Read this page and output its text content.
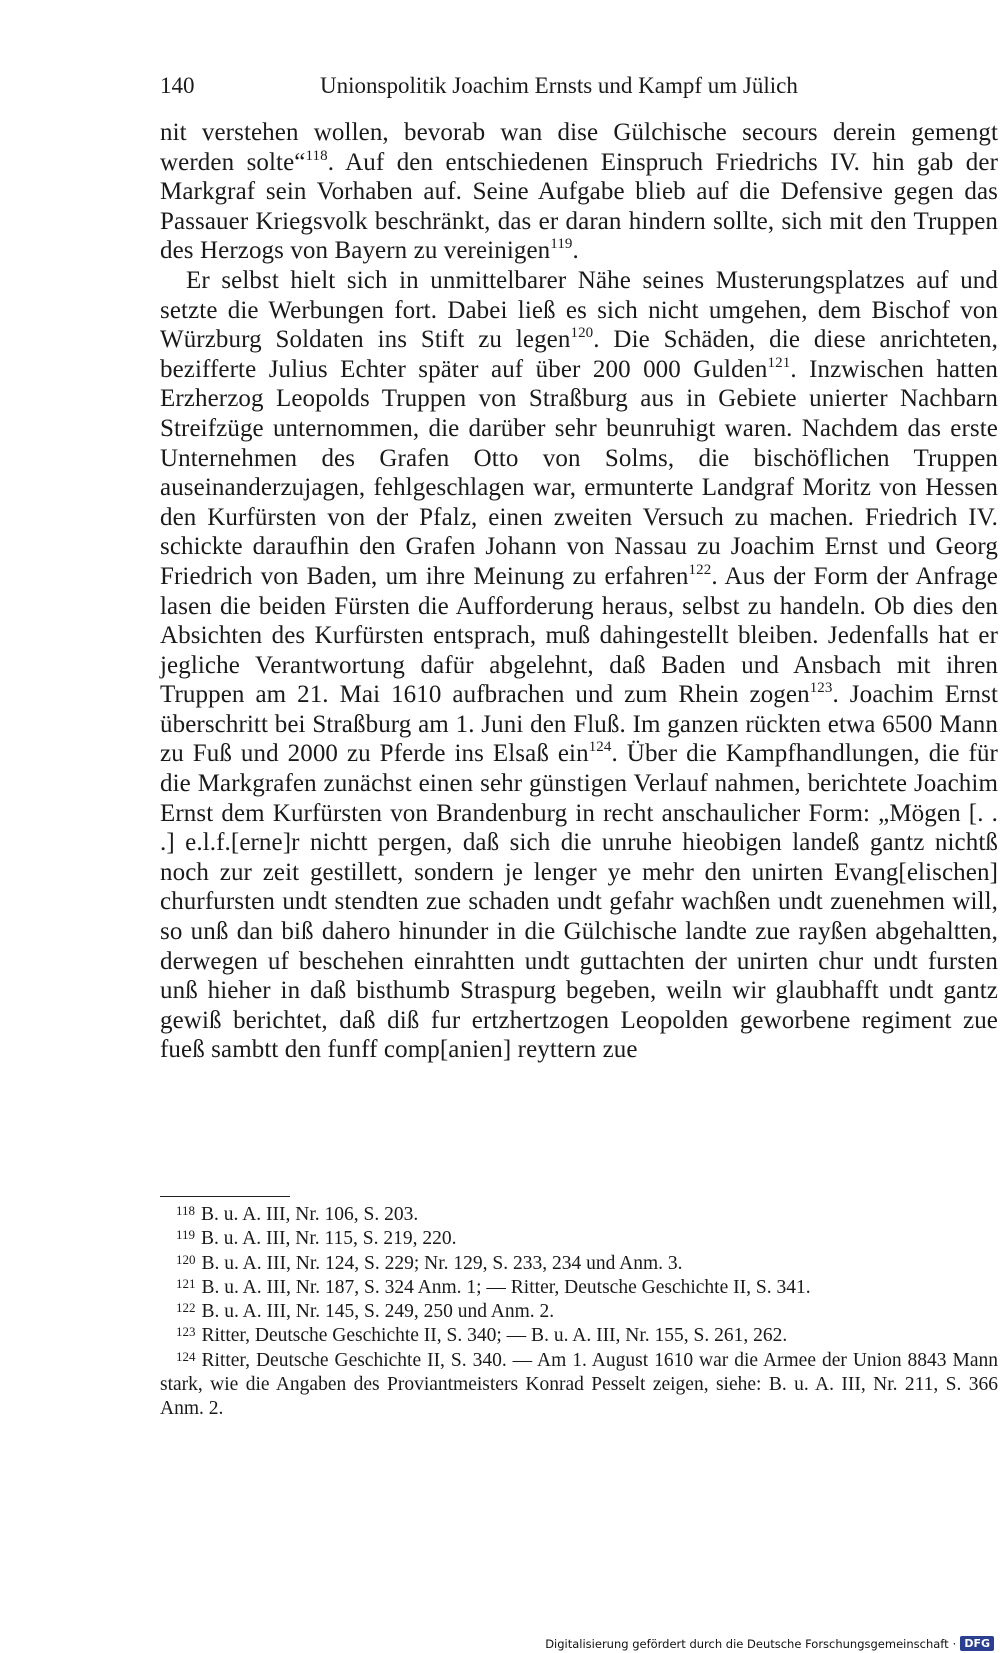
140	Unionspolitik Joachim Ernsts und Kampf um Jülich

nit verstehen wollen, bevorab wan dise Gülchische secours derein gemengt werden solte“$^{118}$. Auf den entschiedenen Einspruch Friedrichs IV. hin gab der Markgraf sein Vorhaben auf. Seine Aufgabe blieb auf die Defensive gegen das Passauer Kriegsvolk beschränkt, das er daran hindern sollte, sich mit den Truppen des Herzogs von Bayern zu vereinigen$^{119}$.

Er selbst hielt sich in unmittelbarer Nähe seines Musterungsplatzes auf und setzte die Werbungen fort. Dabei ließ es sich nicht umgehen, dem Bischof von Würzburg Soldaten ins Stift zu legen$^{120}$. Die Schäden, die diese anrichteten, bezifferte Julius Echter später auf über 200 000 Gulden$^{121}$. Inzwischen hatten Erzherzog Leopolds Truppen von Straßburg aus in Gebiete unierter Nachbarn Streifzüge unternommen, die darüber sehr beunruhigt waren. Nachdem das erste Unternehmen des Grafen Otto von Solms, die bischöflichen Truppen auseinanderzujagen, fehlgeschlagen war, ermunterte Landgraf Moritz von Hessen den Kurfürsten von der Pfalz, einen zweiten Versuch zu machen. Friedrich IV. schickte daraufhin den Grafen Johann von Nassau zu Joachim Ernst und Georg Friedrich von Baden, um ihre Meinung zu erfahren$^{122}$. Aus der Form der Anfrage lasen die beiden Fürsten die Aufforderung heraus, selbst zu handeln. Ob dies den Absichten des Kurfürsten entsprach, muß dahingestellt bleiben. Jedenfalls hat er jegliche Verantwortung dafür abgelehnt, daß Baden und Ansbach mit ihren Truppen am 21. Mai 1610 aufbrachen und zum Rhein zogen$^{123}$. Joachim Ernst überschritt bei Straßburg am 1. Juni den Fluß. Im ganzen rückten etwa 6500 Mann zu Fuß und 2000 zu Pferde ins Elsaß ein$^{124}$. Über die Kampfhandlungen, die für die Markgrafen zunächst einen sehr günstigen Verlauf nahmen, berichtete Joachim Ernst dem Kurfürsten von Brandenburg in recht anschaulicher Form: „Mögen [. . .] e.l.f.[erne]r nichtt pergen, daß sich die unruhe hieobigen landeß gantz nichtß noch zur zeit gestillett, sondern je lenger ye mehr den unirten Evang[elischen] churfursten undt stendten zue schaden undt gefahr wachßen undt zuenehmen will, so unß dan biß dahero hinunder in die Gülchische landte zue rayßen abgehaltten, derwegen uf beschehen einrahtten undt guttachten der unirten chur undt fursten unß hieher in daß bisthumb Straspurg begeben, weiln wir glaubhafft undt gantz gewiß berichtet, daß diß fur ertzhertzogen Leopolden geworbene regiment zue fueß sambtt den funff comp[anien] reyttern zue

$^{118}$ B. u. A. III, Nr. 106, S. 203.

$^{119}$ B. u. A. III, Nr. 115, S. 219, 220.

$^{120}$ B. u. A. III, Nr. 124, S. 229; Nr. 129, S. 233, 234 und Anm. 3.

$^{121}$ B. u. A. III, Nr. 187, S. 324 Anm. 1; — Ritter, Deutsche Geschichte II, S. 341.

$^{122}$ B. u. A. III, Nr. 145, S. 249, 250 und Anm. 2.

$^{123}$ Ritter, Deutsche Geschichte II, S. 340; — B. u. A. III, Nr. 155, S. 261, 262.

$^{124}$ Ritter, Deutsche Geschichte II, S. 340. — Am 1. August 1610 war die Armee der Union 8843 Mann stark, wie die Angaben des Proviantmeisters Konrad Pesselt zeigen, siehe: B. u. A. III, Nr. 211, S. 366 Anm. 2.

Digitalisierung gefördert durch die Deutsche Forschungsgemeinschaft · DFG
